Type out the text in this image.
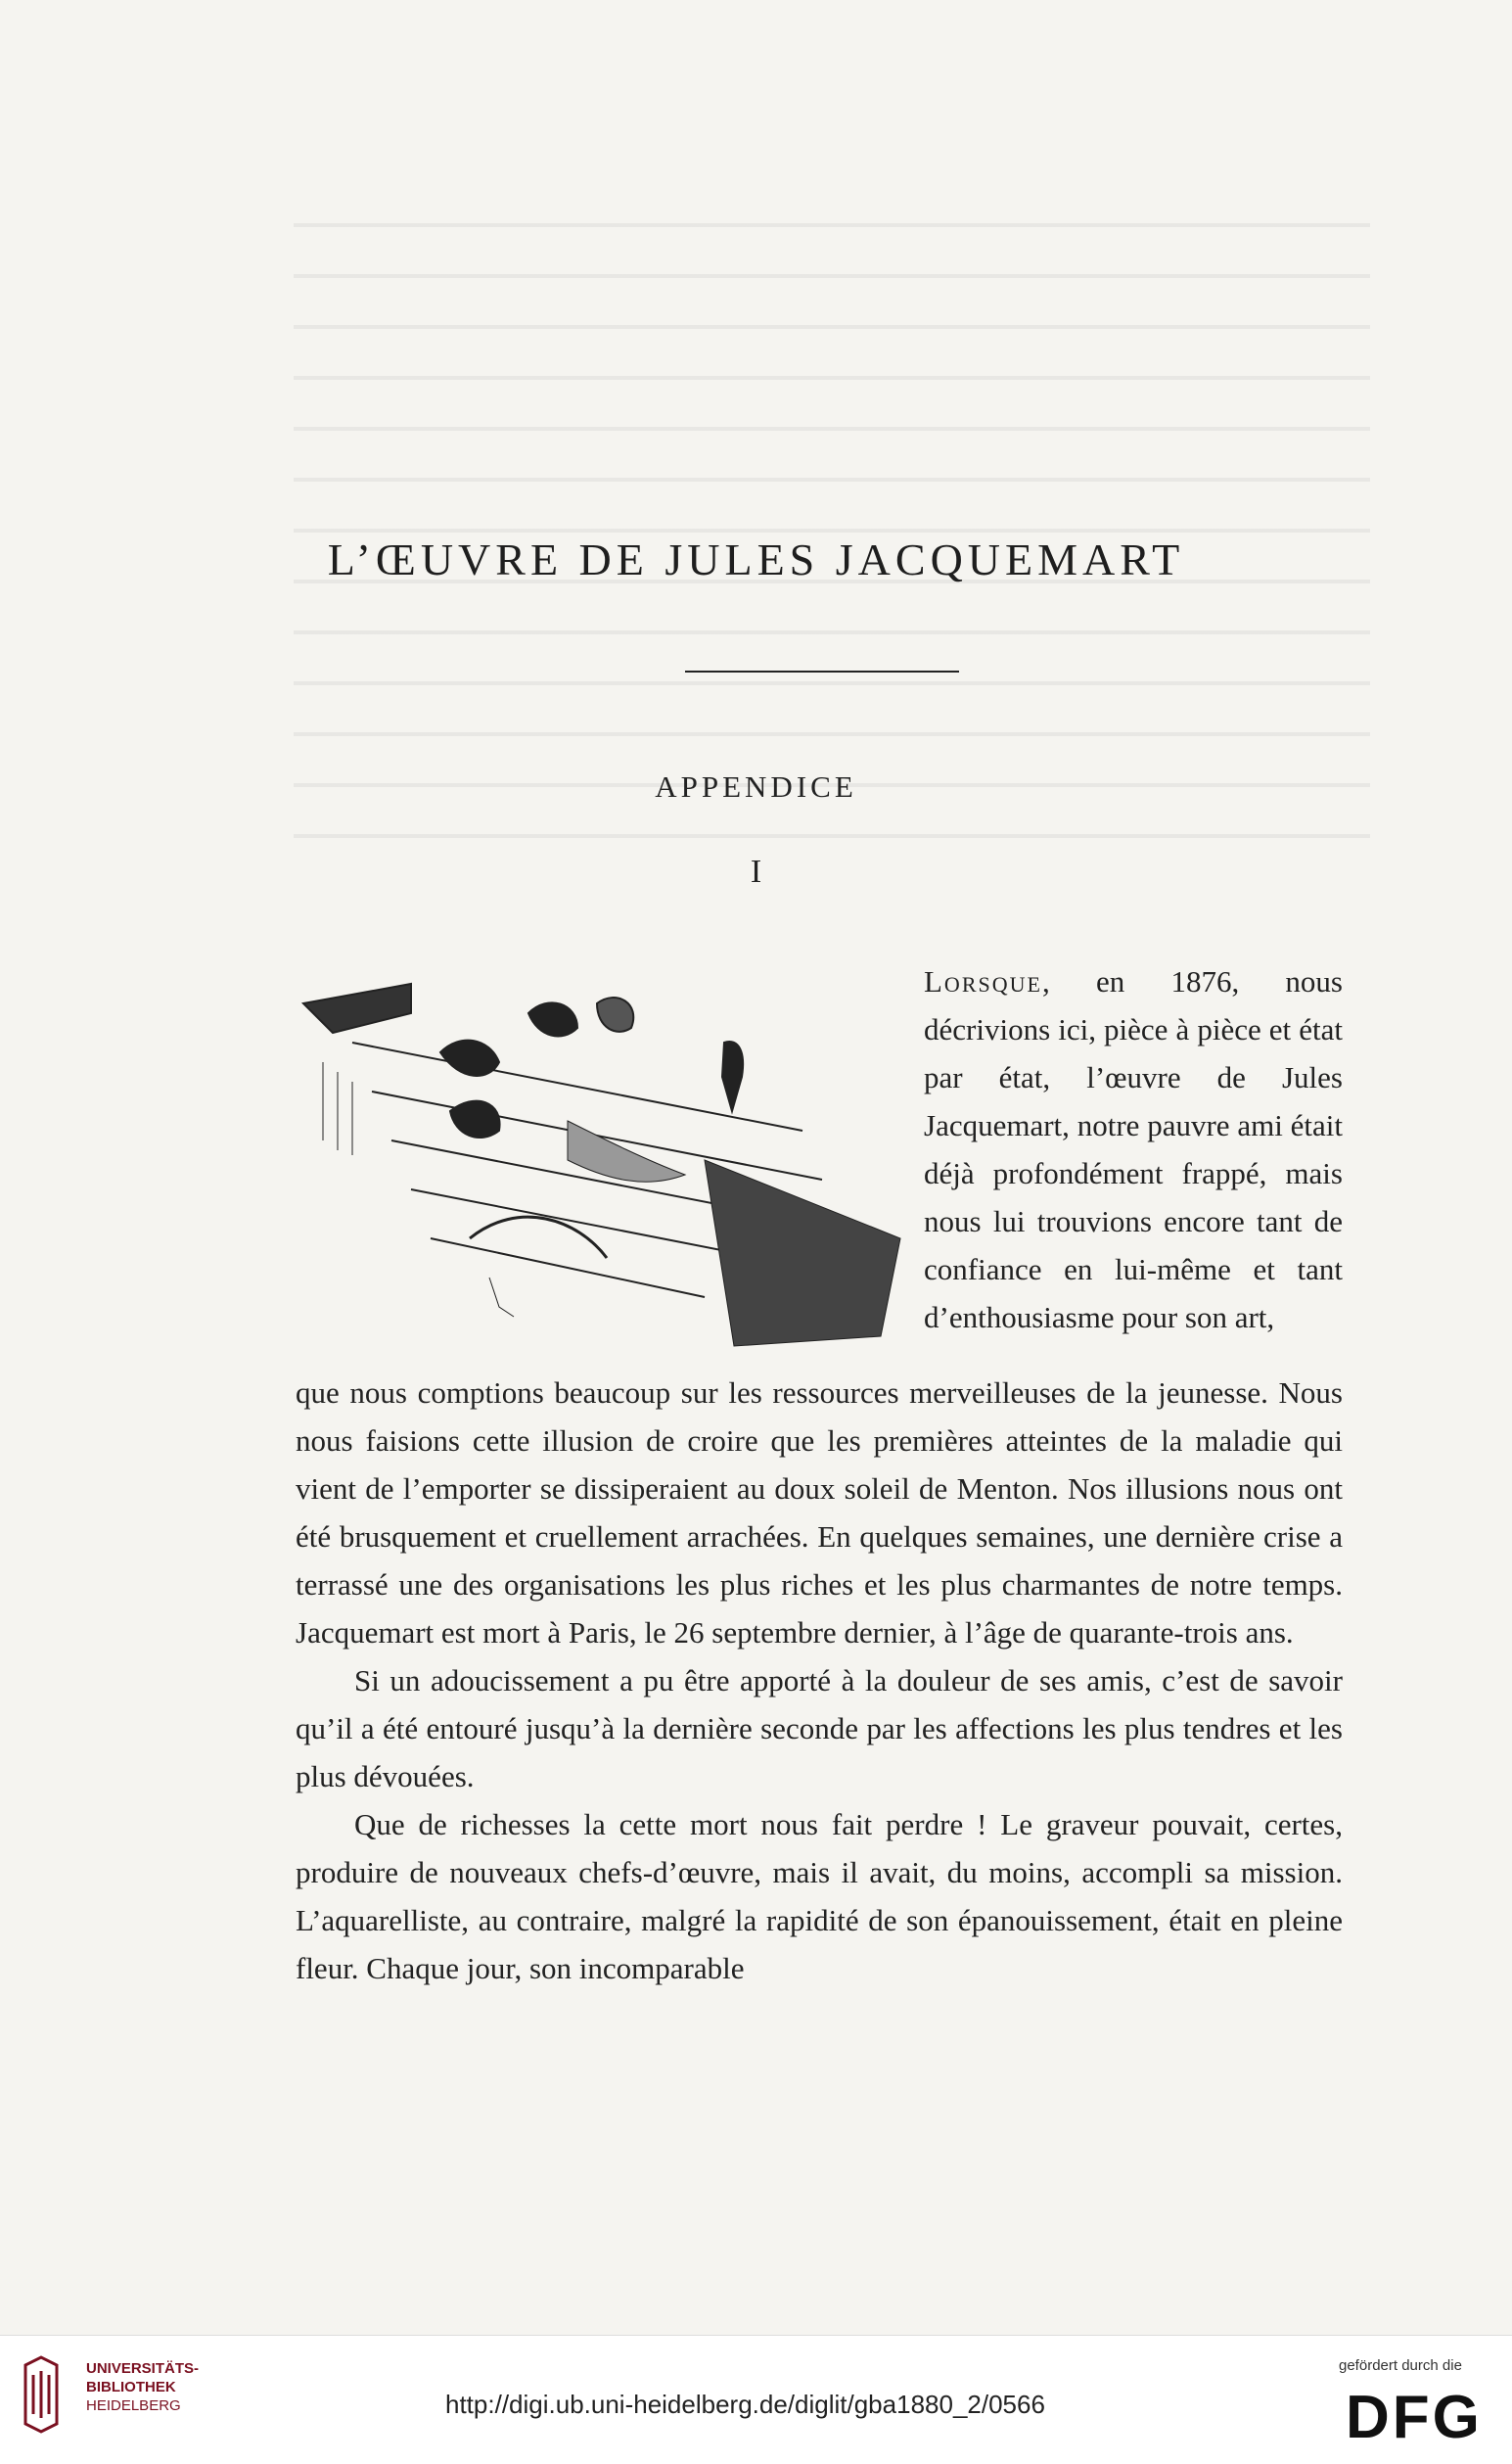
L’ŒUVRE DE JULES JACQUEMART
APPENDICE
I
Lorsque, en 1876, nous décrivions ici, pièce à pièce et état par état, l’œuvre de Jules Jacquemart, notre pauvre ami était déjà profondément frappé, mais nous lui trouvions encore tant de confiance en lui-même et tant d’enthousiasme pour son art,

que nous comptions beaucoup sur les ressources merveilleuses de la jeunesse. Nous nous faisions cette illusion de croire que les premières atteintes de la maladie qui vient de l’emporter se dissiperaient au doux soleil de Menton. Nos illusions nous ont été brusquement et cruellement arrachées. En quelques semaines, une dernière crise a terrassé une des organisations les plus riches et les plus charmantes de notre temps. Jacquemart est mort à Paris, le 26 septembre dernier, à l’âge de quarante-trois ans.

Si un adoucissement a pu être apporté à la douleur de ses amis, c’est de savoir qu’il a été entouré jusqu’à la dernière seconde par les affections les plus tendres et les plus dévouées.

Que de richesses la cette mort nous fait perdre ! Le graveur pouvait, certes, produire de nouveaux chefs-d’œuvre, mais il avait, du moins, accompli sa mission. L’aquarelliste, au contraire, malgré la rapidité de son épanouissement, était en pleine fleur. Chaque jour, son incomparable

UNIVERSITÄTS-
BIBLIOTHEK
HEIDELBERG	http://digi.ub.uni-heidelberg.de/diglit/gba1880_2/0566
gefördert durch die
DFG
